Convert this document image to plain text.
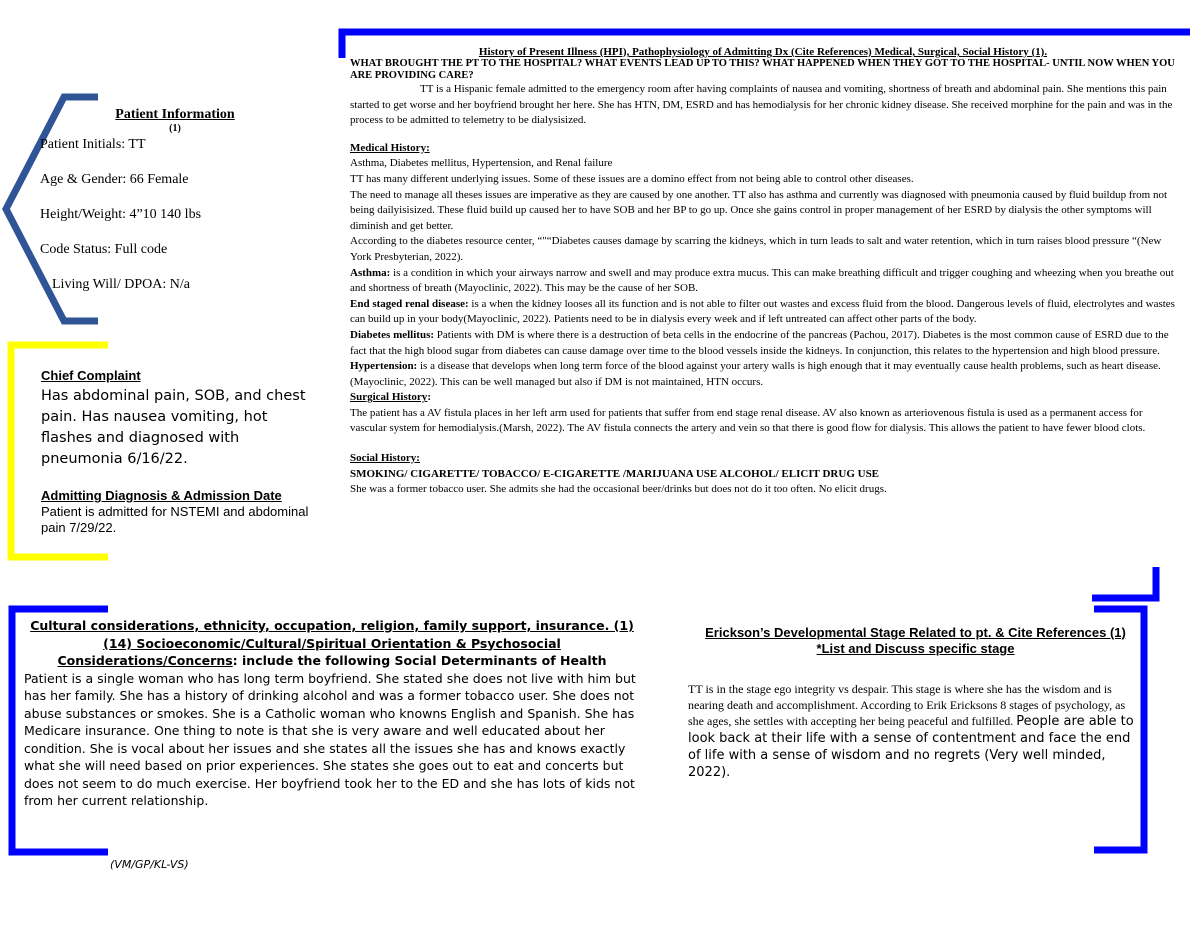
Patient Information
(1)
Patient Initials: TT
Age & Gender: 66 Female
Height/Weight: 4”10 140 lbs
Code Status: Full code
Living Will/ DPOA: N/a
Chief Complaint
Has abdominal pain, SOB, and chest pain. Has nausea vomiting, hot flashes and diagnosed with pneumonia 6/16/22.
Admitting Diagnosis & Admission Date
Patient is admitted for NSTEMI and abdominal pain 7/29/22.
History of Present Illness (HPI), Pathophysiology of Admitting Dx (Cite References) Medical, Surgical, Social History (1).
WHAT BROUGHT THE PT TO THE HOSPITAL? WHAT EVENTS LEAD UP TO THIS? WHAT HAPPENED WHEN THEY GOT TO THE HOSPITAL- UNTIL NOW WHEN YOU ARE PROVIDING CARE?

TT is a Hispanic female admitted to the emergency room after having complaints of nausea and vomiting, shortness of breath and abdominal pain. She mentions this pain started to get worse and her boyfriend brought her here. She has HTN, DM, ESRD and has hemodialysis for her chronic kidney disease. She received morphine for the pain and was in the process to be admitted to telemetry to be dialysisized.

Medical History:

Asthma, Diabetes mellitus, Hypertension, and Renal failure

TT has many different underlying issues. Some of these issues are a domino effect from not being able to control other diseases.

The need to manage all theses issues are imperative as they are caused by one another. TT also has asthma and currently was diagnosed with pneumonia caused by fluid buildup from not being dailyisisized. These fluid build up caused her to have SOB and her BP to go up. Once she gains control in proper management of her ESRD by dialysis the other symptoms will diminish and get better.

According to the diabetes resource center, “"“Diabetes causes damage by scarring the kidneys, which in turn leads to salt and water retention, which in turn raises blood pressure “(New York Presbyterian, 2022).

Asthma: is a condition in which your airways narrow and swell and may produce extra mucus. This can make breathing difficult and trigger coughing and wheezing when you breathe out and shortness of breath (Mayoclinic, 2022). This may be the cause of her SOB.

End staged renal disease: is a when the kidney looses all its function and is not able to filter out wastes and excess fluid from the blood. Dangerous levels of fluid, electrolytes and wastes can build up in your body(Mayoclinic, 2022). Patients need to be in dialysis every week and if left untreated can affect other parts of the body.

Diabetes mellitus: Patients with DM is where there is a destruction of beta cells in the endocrine of the pancreas (Pachou, 2017). Diabetes is the most common cause of ESRD due to the fact that the high blood sugar from diabetes can cause damage over time to the blood vessels inside the kidneys. In conjunction, this relates to the hypertension and high blood pressure.

Hypertension: is a disease that develops when long term force of the blood against your artery walls is high enough that it may eventually cause health problems, such as heart disease.(Mayoclinic, 2022). This can be well managed but also if DM is not maintained, HTN occurs.

Surgical History:

The patient has a AV fistula places in her left arm used for patients that suffer from end stage renal disease. AV also known as arteriovenous fistula is used as a permanent access for vascular system for hemodialysis.(Marsh, 2022). The AV fistula connects the artery and vein so that there is good flow for dialysis. This allows the patient to have fewer blood clots.

Social History:

SMOKING/ CIGARETTE/ TOBACCO/ E-CIGARETTE /MARIJUANA USE ALCOHOL/ ELICIT DRUG USE

She was a former tobacco user. She admits she had the occasional beer/drinks but does not do it too often. No elicit drugs.

Cultural considerations, ethnicity, occupation, religion, family support, insurance. (1)
(14) Socioeconomic/Cultural/Spiritual Orientation & Psychosocial
Considerations/Concerns: include the following Social Determinants of Health
Patient is a single woman who has long term boyfriend. She stated she does not live with him but has her family. She has a history of drinking alcohol and was a former tobacco user. She does not abuse substances or smokes. She is a Catholic woman who knowns English and Spanish. She has Medicare insurance. One thing to note is that she is very aware and well educated about her condition. She is vocal about her issues and she states all the issues she has and knows exactly what she will need based on prior experiences. She states she goes out to eat and concerts but does not seem to do much exercise. Her boyfriend took her to the ED and she has lots of kids not from her current relationship.
Erickson’s Developmental Stage Related to pt. & Cite References (1)
*List and Discuss specific stage
TT is in the stage ego integrity vs despair. This stage is where she has the wisdom and is nearing death and accomplishment. According to Erik Ericksons 8 stages of psychology, as she ages, she settles with accepting her being peaceful and fulfilled. People are able to look back at their life with a sense of contentment and face the end of life with a sense of wisdom and no regrets (Very well minded, 2022).
(VM/GP/KL-VS)
